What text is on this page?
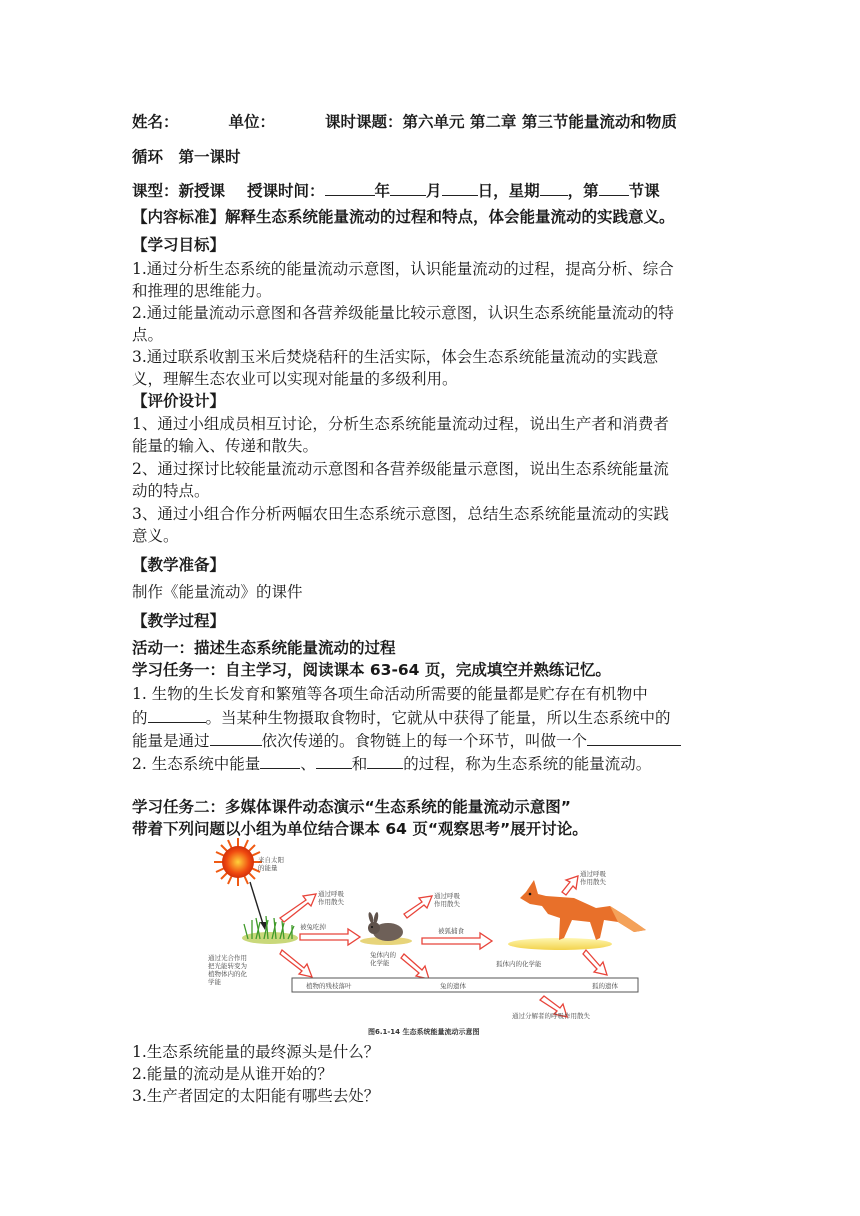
姓名：	单位：	课时课题：第六单元 第二章 第三节能量流动和物质
循环　第一课时
课型：新授课 授课时间：	年 月 日，星期 ，第 节课
【内容标准】解释生态系统能量流动的过程和特点，体会能量流动的实践意义。
【学习目标】
1.通过分析生态系统的能量流动示意图，认识能量流动的过程，提高分析、综合
和推理的思维能力。
2.通过能量流动示意图和各营养级能量比较示意图，认识生态系统能量流动的特
点。
3.通过联系收割玉米后焚烧秸秆的生活实际，体会生态系统能量流动的实践意
义，理解生态农业可以实现对能量的多级利用。
【评价设计】
1、通过小组成员相互讨论，分析生态系统能量流动过程，说出生产者和消费者
能量的输入、传递和散失。
2、通过探讨比较能量流动示意图和各营养级能量示意图，说出生态系统能量流
动的特点。
3、通过小组合作分析两幅农田生态系统示意图，总结生态系统能量流动的实践
意义。
【教学准备】
制作《能量流动》的课件
【教学过程】
活动一：描述生态系统能量流动的过程
学习任务一：自主学习，阅读课本 63-64 页，完成填空并熟练记忆。
1. 生物的生长发育和繁殖等各项生命活动所需要的能量都是贮存在有机物中
的	。当某种生物摄取食物时，它就从中获得了能量，所以生态系统中的
能量是通过	依次传递的。食物链上的每一个环节，叫做一个
2. 生态系统中能量	、 和 的过程，称为生态系统的能量流动。
学习任务二：多媒体课件动态演示“生态系统的能量流动示意图”
带着下列问题以小组为单位结合课本 64 页“观察思考”展开讨论。
1.生态系统能量的最终源头是什么？
2.能量的流动是从谁开始的？
3.生产者固定的太阳能有哪些去处？
来自太阳
的能量
通过光合作用
把光能转变为
植物体内的化
学能
通过呼吸
作用散失
被兔吃掉
通过呼吸
作用散失
被狐捕食
通过呼吸
作用散失
兔体内的
化学能	狐体内的化学能
植物的残枝落叶	兔的遗体	狐的遗体
通过分解者的呼吸作用散失
图6.1-14 生态系统能量流动示意图
